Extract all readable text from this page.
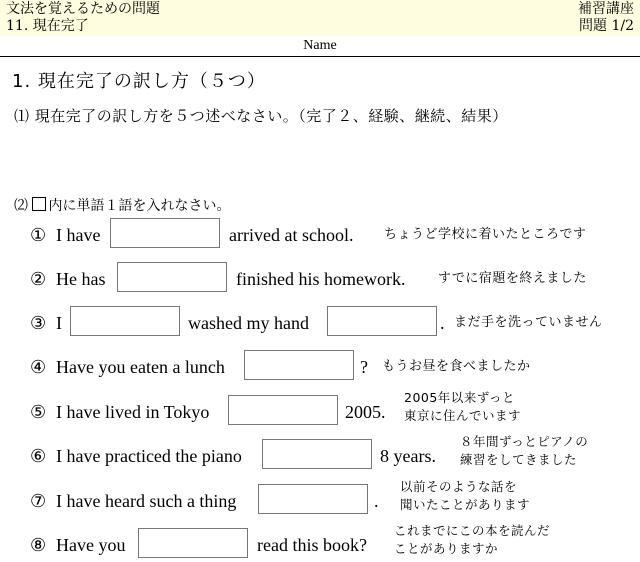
文法を覚えるための問題
11. 現在完了
補習講座
問題 1/2
Name
1. 現在完了の訳し方（５つ）
⑴ 現在完了の訳し方を５つ述べなさい。（完了２、経験、継続、結果）
⑵ 内に単語１語を入れなさい。
① I have	arrived at school. ちょうど学校に着いたところです
② He has	finished his homework.	すでに宿題を終えました
③ I	washed my hand	. まだ手を洗っていません
④ Have you eaten a lunch	? もうお昼を食べましたか
⑤ I have lived in Tokyo	2005.
2005年以来ずっと
東京に住んでいます
⑥ I have practiced the piano	8 years.
８年間ずっとピアノの
練習をしてきました
⑦ I have heard such a thing	.
以前そのような話を
聞いたことがあります
⑧ Have you	read this book?
これまでにこの本を読んだ
ことがありますか
